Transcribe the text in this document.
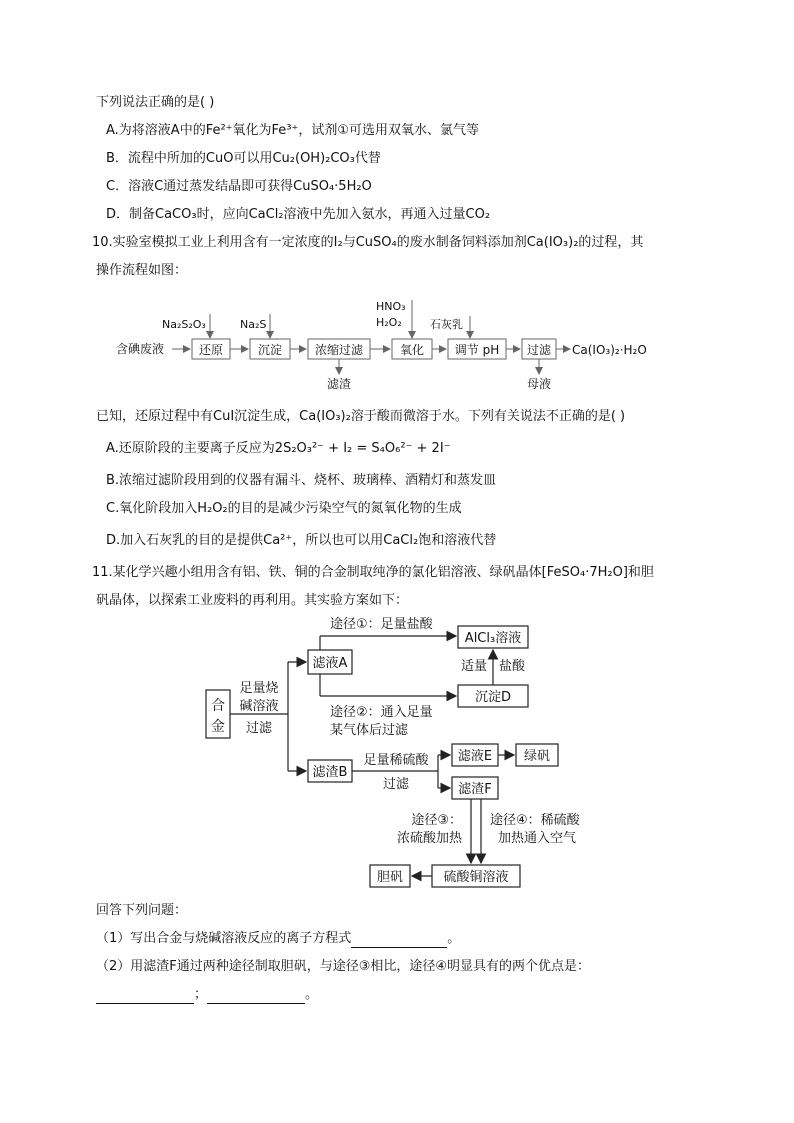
下列说法正确的是( )
A.为将溶液A中的Fe²⁺氧化为Fe³⁺，试剂①可选用双氧水、氯气等
B．流程中所加的CuO可以用Cu₂(OH)₂CO₃代替
C．溶液C通过蒸发结晶即可获得CuSO₄·5H₂O
D．制备CaCO₃时，应向CaCl₂溶液中先加入氨水，再通入过量CO₂
10.实验室模拟工业上利用含有一定浓度的I₂与CuSO₄的废水制备饲料添加剂Ca(IO₃)₂的过程，其
操作流程如图：
Na₂S₂O₃	Na₂S
HNO₃
H₂O₂	石灰乳
含碘废液	还原	沉淀	浓缩过滤	氧化	调节 pH 过滤 Ca(IO₃)₂·H₂O
滤渣	母液
已知，还原过程中有CuI沉淀生成，Ca(IO₃)₂溶于酸而微溶于水。下列有关说法不正确的是( )
A.还原阶段的主要离子反应为2S₂O₃²⁻ + I₂ = S₄O₆²⁻ + 2I⁻
B.浓缩过滤阶段用到的仪器有漏斗、烧杯、玻璃棒、酒精灯和蒸发皿
C.氧化阶段加入H₂O₂的目的是减少污染空气的氮氧化物的生成
D.加入石灰乳的目的是提供Ca²⁺，所以也可以用CaCl₂饱和溶液代替
11.某化学兴趣小组用含有铝、铁、铜的合金制取纯净的氯化铝溶液、绿矾晶体[FeSO₄·7H₂O]和胆
矾晶体，以探索工业废料的再利用。其实验方案如下：
合
金
足量烧
碱溶液
过滤
滤液A
途径①：足量盐酸
AlCl₃溶液
途径②：通入足量
某气体后过滤
沉淀D
适量 盐酸
滤渣B
足量稀硫酸
过滤
滤液E 绿矾
滤渣F
途径③：
浓硫酸加热
途径④：稀硫酸
加热通入空气
硫酸铜溶液
胆矾
回答下列问题：
（1）写出合金与烧碱溶液反应的离子方程式	。
（2）用滤渣F通过两种途径制取胆矾，与途径③相比，途径④明显具有的两个优点是：
；	。
